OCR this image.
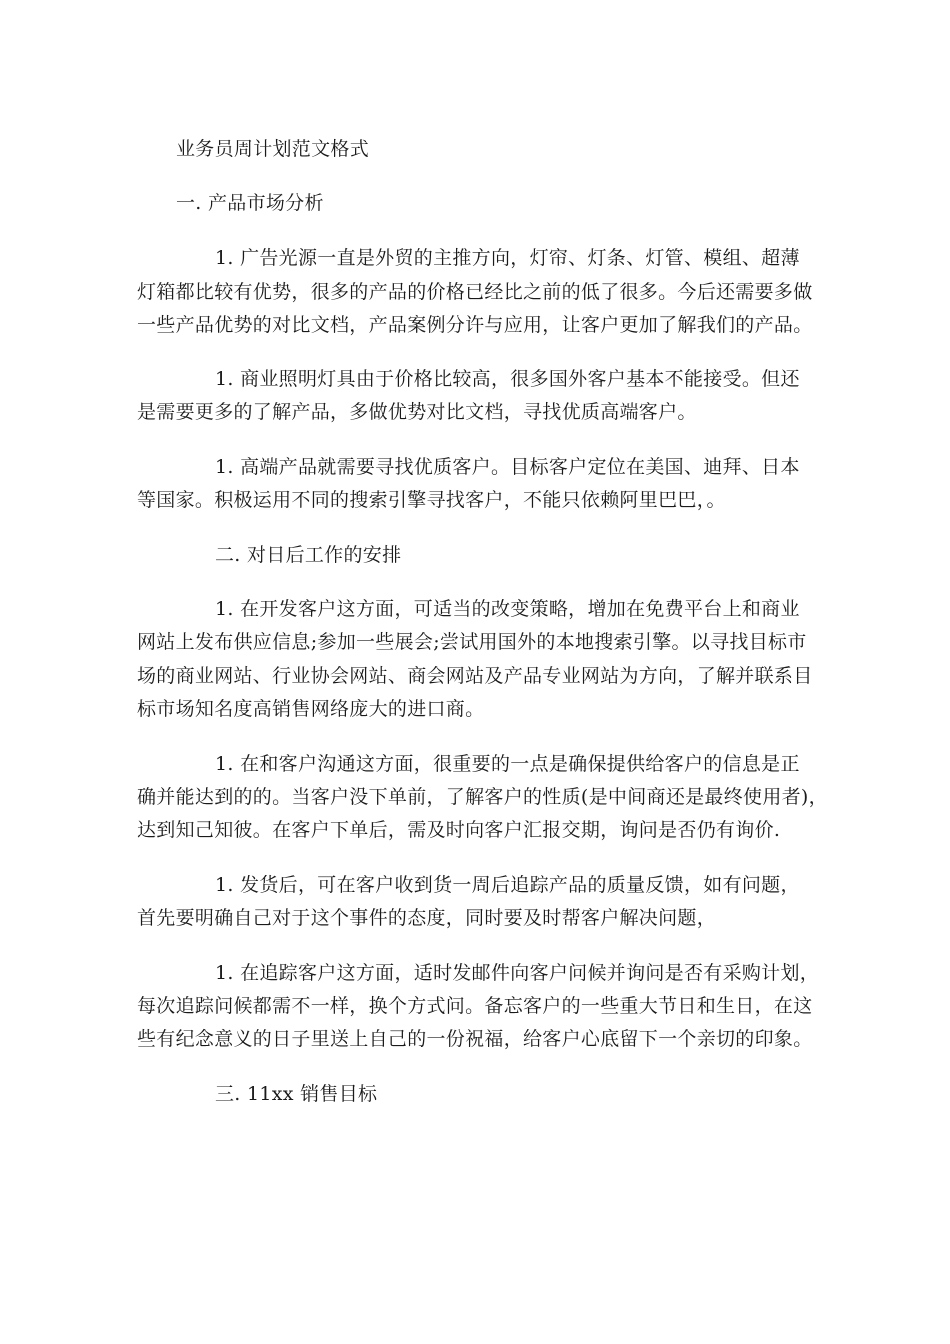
业务员周计划范文格式
一. 产品市场分析
1. 广告光源一直是外贸的主推方向，灯帘、灯条、灯管、模组、超薄
灯箱都比较有优势，很多的产品的价格已经比之前的低了很多。今后还需要多做
一些产品优势的对比文档，产品案例分许与应用，让客户更加了解我们的产品。
1. 商业照明灯具由于价格比较高，很多国外客户基本不能接受。但还
是需要更多的了解产品，多做优势对比文档，寻找优质高端客户。
1. 高端产品就需要寻找优质客户。目标客户定位在美国、迪拜、日本
等国家。积极运用不同的搜索引擎寻找客户，不能只依赖阿里巴巴，。
二. 对日后工作的安排
1. 在开发客户这方面，可适当的改变策略，增加在免费平台上和商业
网站上发布供应信息;参加一些展会;尝试用国外的本地搜索引擎。以寻找目标市
场的商业网站、行业协会网站、商会网站及产品专业网站为方向，了解并联系目
标市场知名度高销售网络庞大的进口商。
1. 在和客户沟通这方面，很重要的一点是确保提供给客户的信息是正
确并能达到的的。当客户没下单前，了解客户的性质(是中间商还是最终使用者)，
达到知己知彼。在客户下单后，需及时向客户汇报交期，询问是否仍有询价.
1. 发货后，可在客户收到货一周后追踪产品的质量反馈，如有问题，
首先要明确自己对于这个事件的态度，同时要及时帮客户解决问题，
1. 在追踪客户这方面，适时发邮件向客户问候并询问是否有采购计划，
每次追踪问候都需不一样，换个方式问。备忘客户的一些重大节日和生日，在这
些有纪念意义的日子里送上自己的一份祝福，给客户心底留下一个亲切的印象。
三. 11xx 销售目标
